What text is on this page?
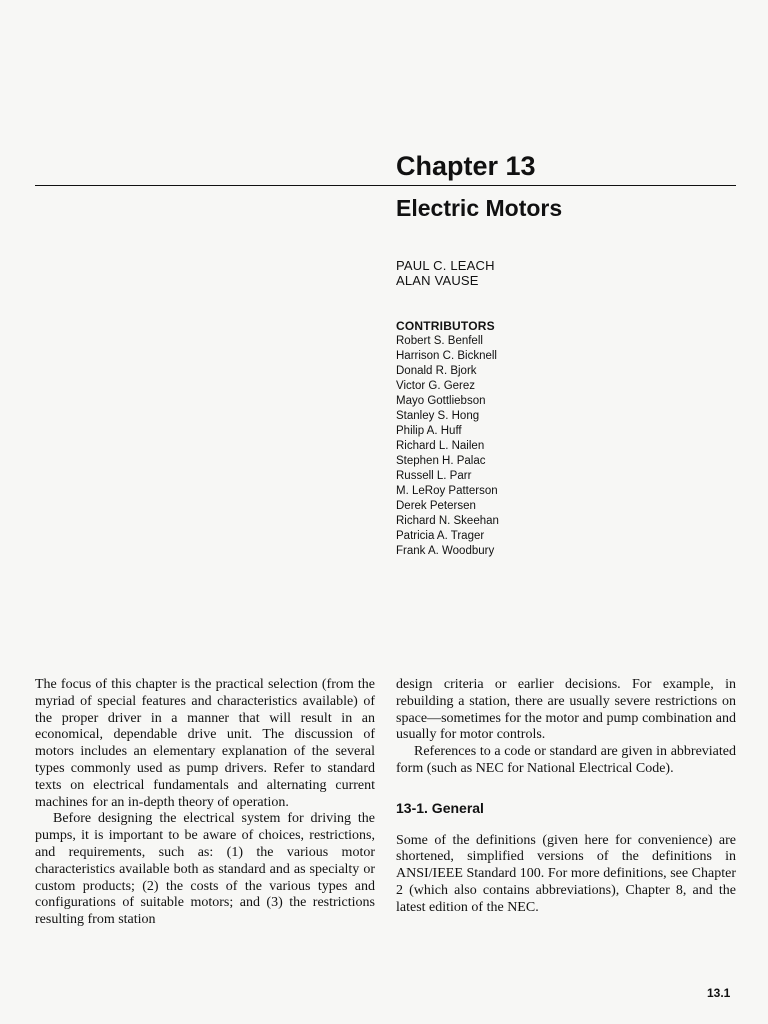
Chapter 13
Electric Motors
PAUL C. LEACH
ALAN VAUSE
CONTRIBUTORS
Robert S. Benfell
Harrison C. Bicknell
Donald R. Bjork
Victor G. Gerez
Mayo Gottliebson
Stanley S. Hong
Philip A. Huff
Richard L. Nailen
Stephen H. Palac
Russell L. Parr
M. LeRoy Patterson
Derek Petersen
Richard N. Skeehan
Patricia A. Trager
Frank A. Woodbury

The focus of this chapter is the practical selection (from the myriad of special features and characteristics available) of the proper driver in a manner that will result in an economical, dependable drive unit. The discussion of motors includes an elementary explanation of the several types commonly used as pump drivers. Refer to standard texts on electrical fundamentals and alternating current machines for an in-depth theory of operation.

Before designing the electrical system for driving the pumps, it is important to be aware of choices, restrictions, and requirements, such as: (1) the various motor characteristics available both as standard and as specialty or custom products; (2) the costs of the various types and configurations of suitable motors; and (3) the restrictions resulting from station

design criteria or earlier decisions. For example, in rebuilding a station, there are usually severe restrictions on space—sometimes for the motor and pump combination and usually for motor controls.

References to a code or standard are given in abbreviated form (such as NEC for National Electrical Code).

13-1. General

Some of the definitions (given here for convenience) are shortened, simplified versions of the definitions in ANSI/IEEE Standard 100. For more definitions, see Chapter 2 (which also contains abbreviations), Chapter 8, and the latest edition of the NEC.

13.1
